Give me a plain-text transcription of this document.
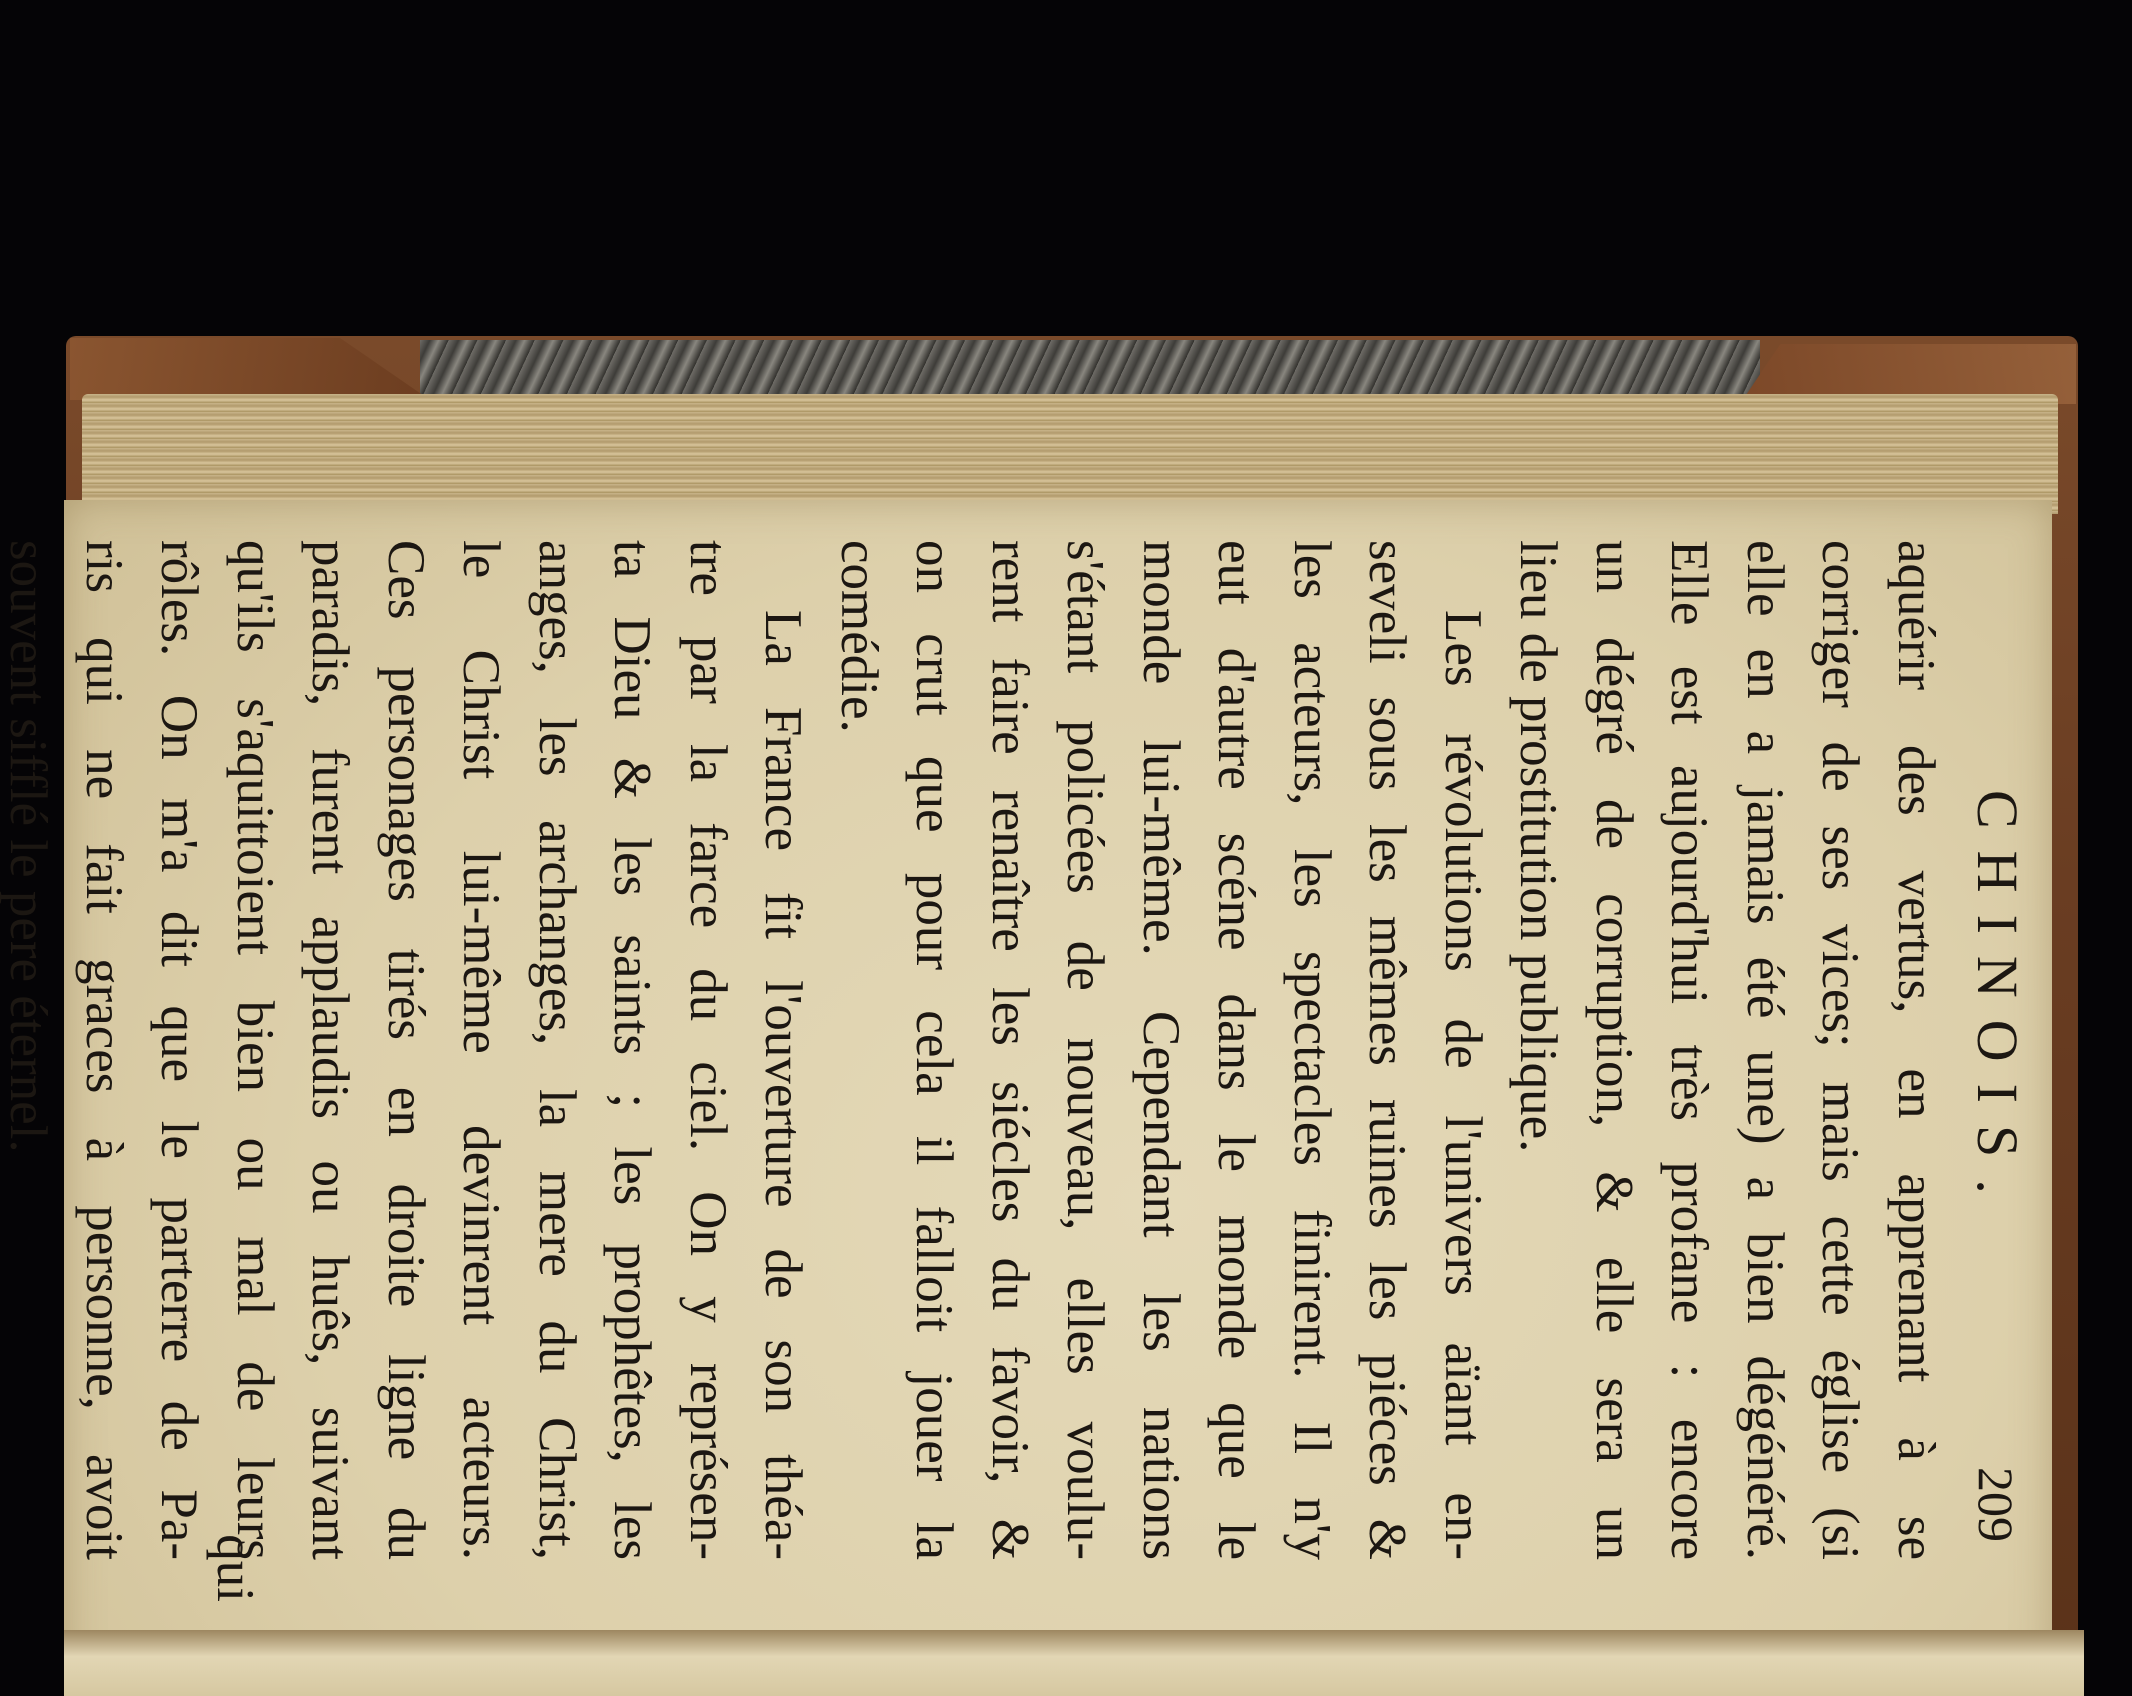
CHINOIS.
209
aquérir des vertus, en apprenant à se
corriger de ses vices; mais cette église (si
elle en a jamais été une) a bien dégénéré.
Elle est aujourd'hui très profane : encore
un dégré de corruption, & elle sera un
lieu de prostitution publique.
Les révolutions de l'univers aïant en-
seveli sous les mêmes ruines les piéces &
les acteurs, les spectacles finirent. Il n'y
eut d'autre scéne dans le monde que le
monde lui-même. Cependant les nations
s'étant policées de nouveau, elles voulu-
rent faire renaître les siécles du favoir, &
on crut que pour cela il falloit jouer la
comédie.
La France fit l'ouverture de son théa-
tre par la farce du ciel. On y représen-
ta Dieu & les saints ; les prophêtes, les
anges, les archanges, la mere du Christ,
le Christ lui-même devinrent acteurs.
Ces personages tirés en droite ligne du
paradis, furent applaudis ou huês, suivant
qu'ils s'aquittoient bien ou mal de leurs
rôles. On m'a dit que le parterre de Pa-
ris qui ne fait graces à personne, avoit
souvent sifflé le pere éternel.
qui
